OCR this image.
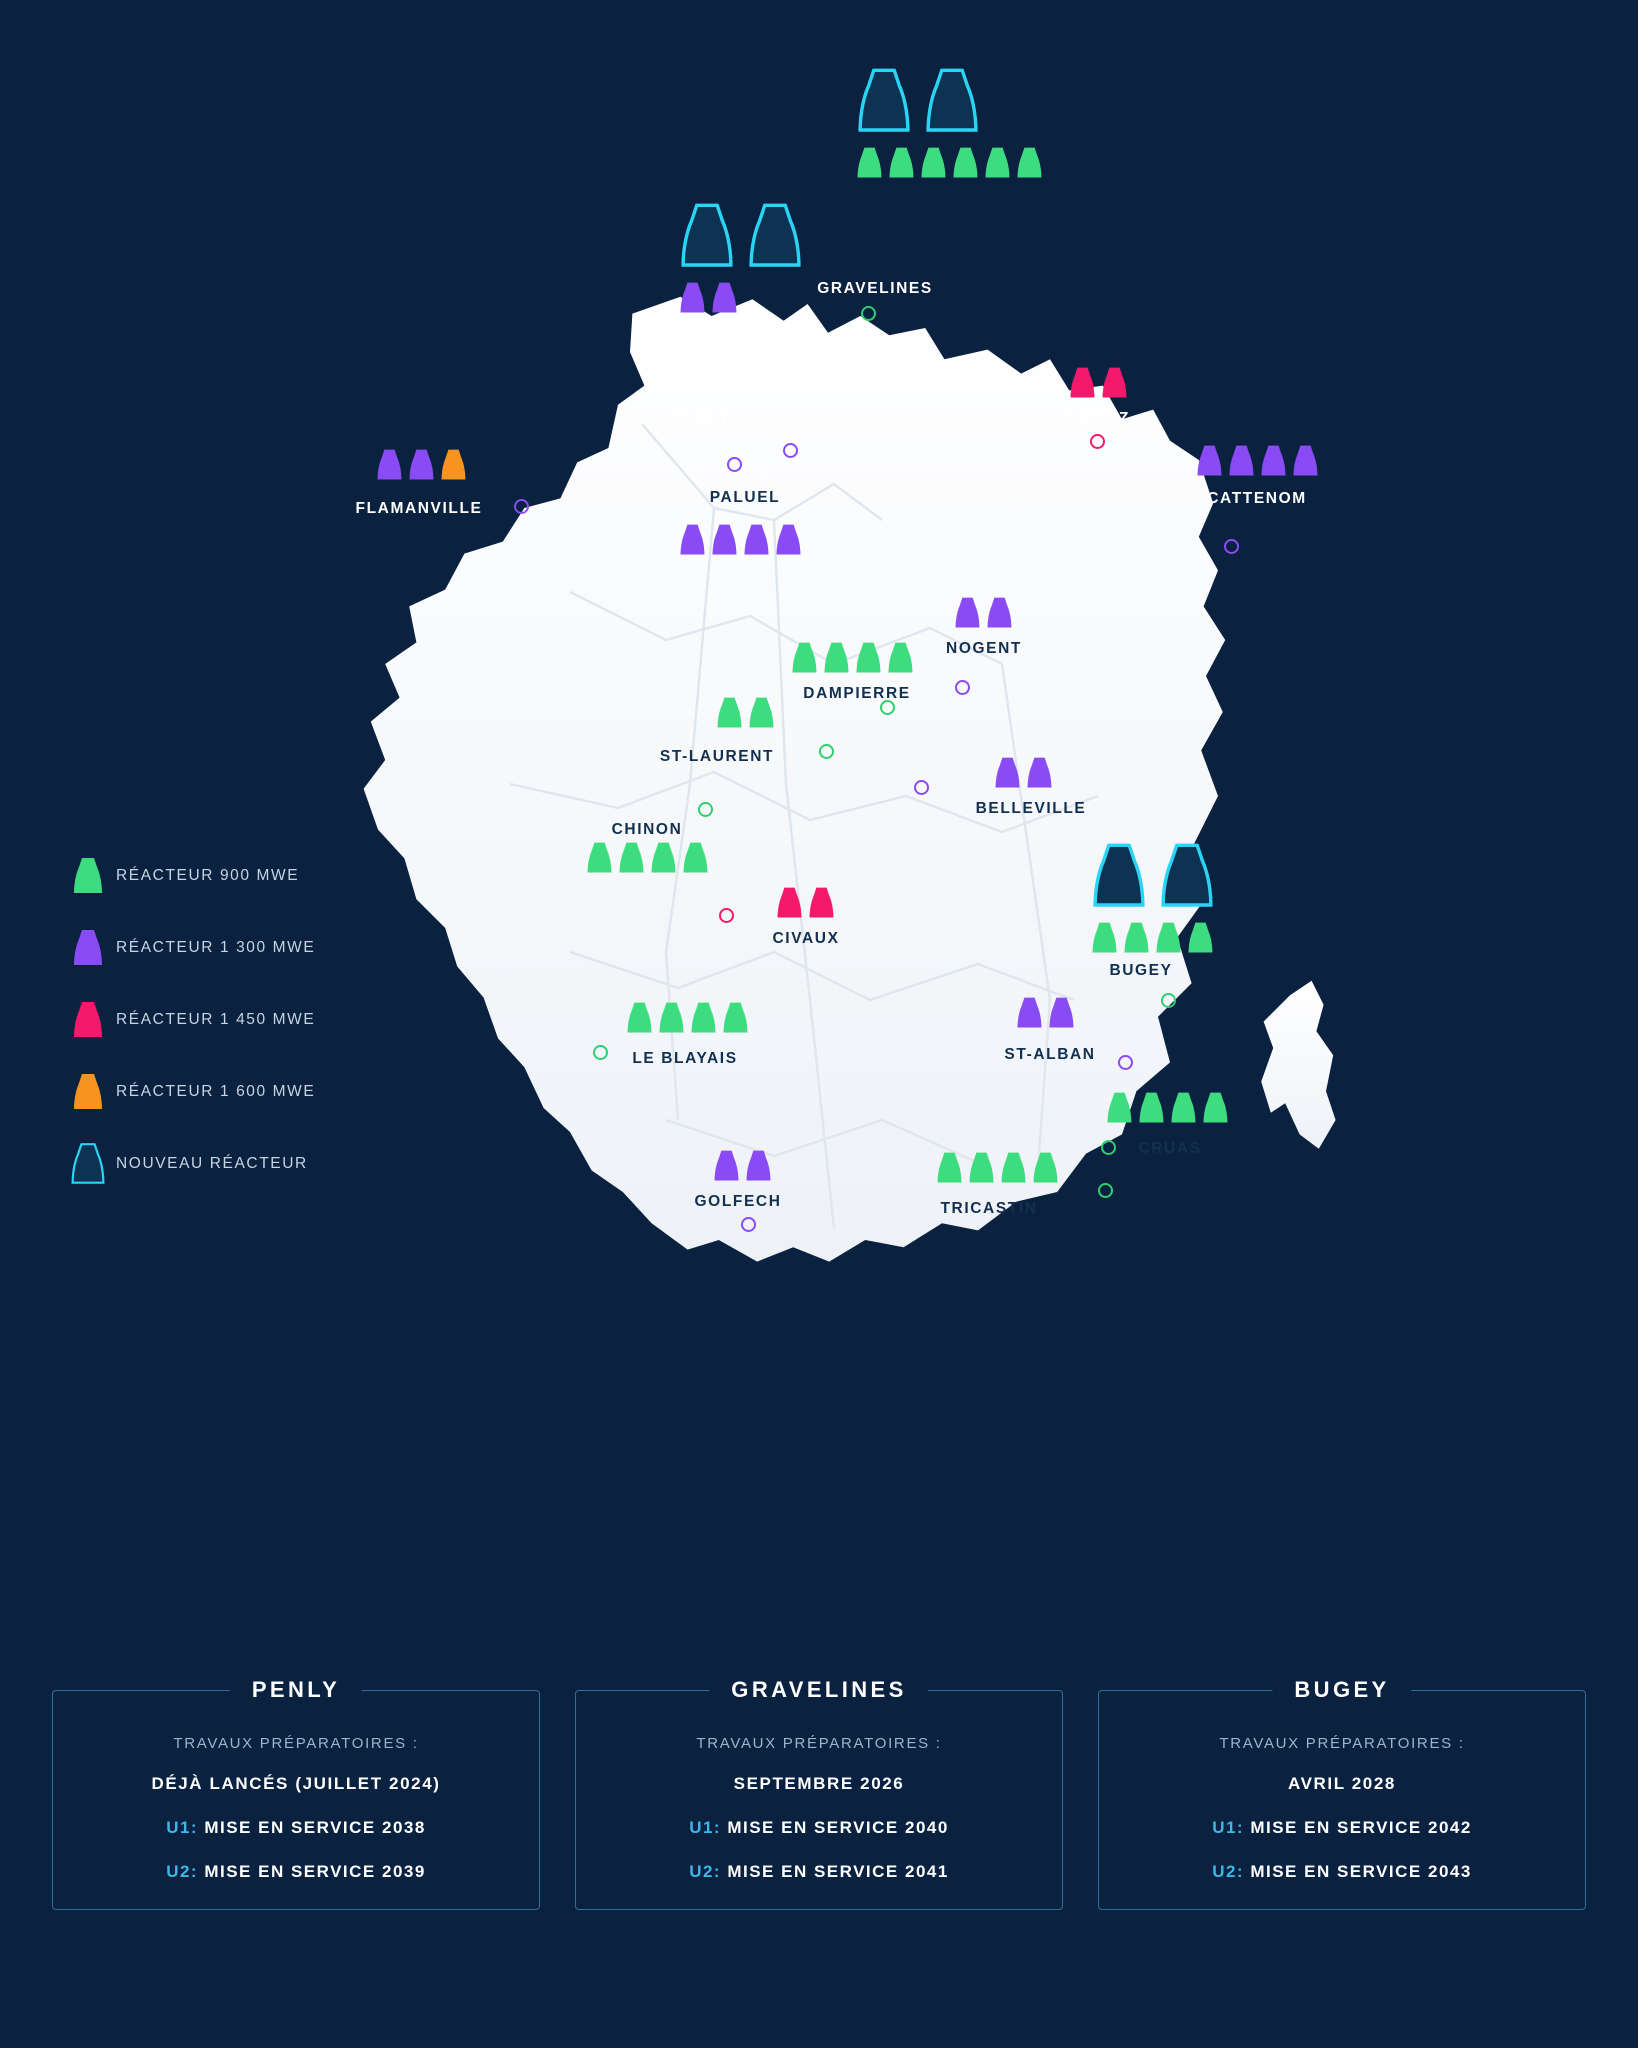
GRAVELINES
PENLY	CHOOZ
CATTENOM
FLAMANVILLE
PALUEL
NOGENT
DAMPIERRE
ST-LAURENT
BELLEVILLE
CHINON
CIVAUX
LE BLAYAIS
GOLFECH
BUGEY
ST-ALBAN
CRUAS
TRICASTIN
RÉACTEUR 900 MWE
RÉACTEUR 1 300 MWE
RÉACTEUR 1 450 MWE
RÉACTEUR 1 600 MWE
NOUVEAU RÉACTEUR
PENLY
TRAVAUX PRÉPARATOIRES :
DÉJÀ LANCÉS (JUILLET 2024)
U1: MISE EN SERVICE 2038
U2: MISE EN SERVICE 2039
GRAVELINES
TRAVAUX PRÉPARATOIRES :
SEPTEMBRE 2026
U1: MISE EN SERVICE 2040
U2: MISE EN SERVICE 2041
BUGEY
TRAVAUX PRÉPARATOIRES :
AVRIL 2028
U1: MISE EN SERVICE 2042
U2: MISE EN SERVICE 2043
